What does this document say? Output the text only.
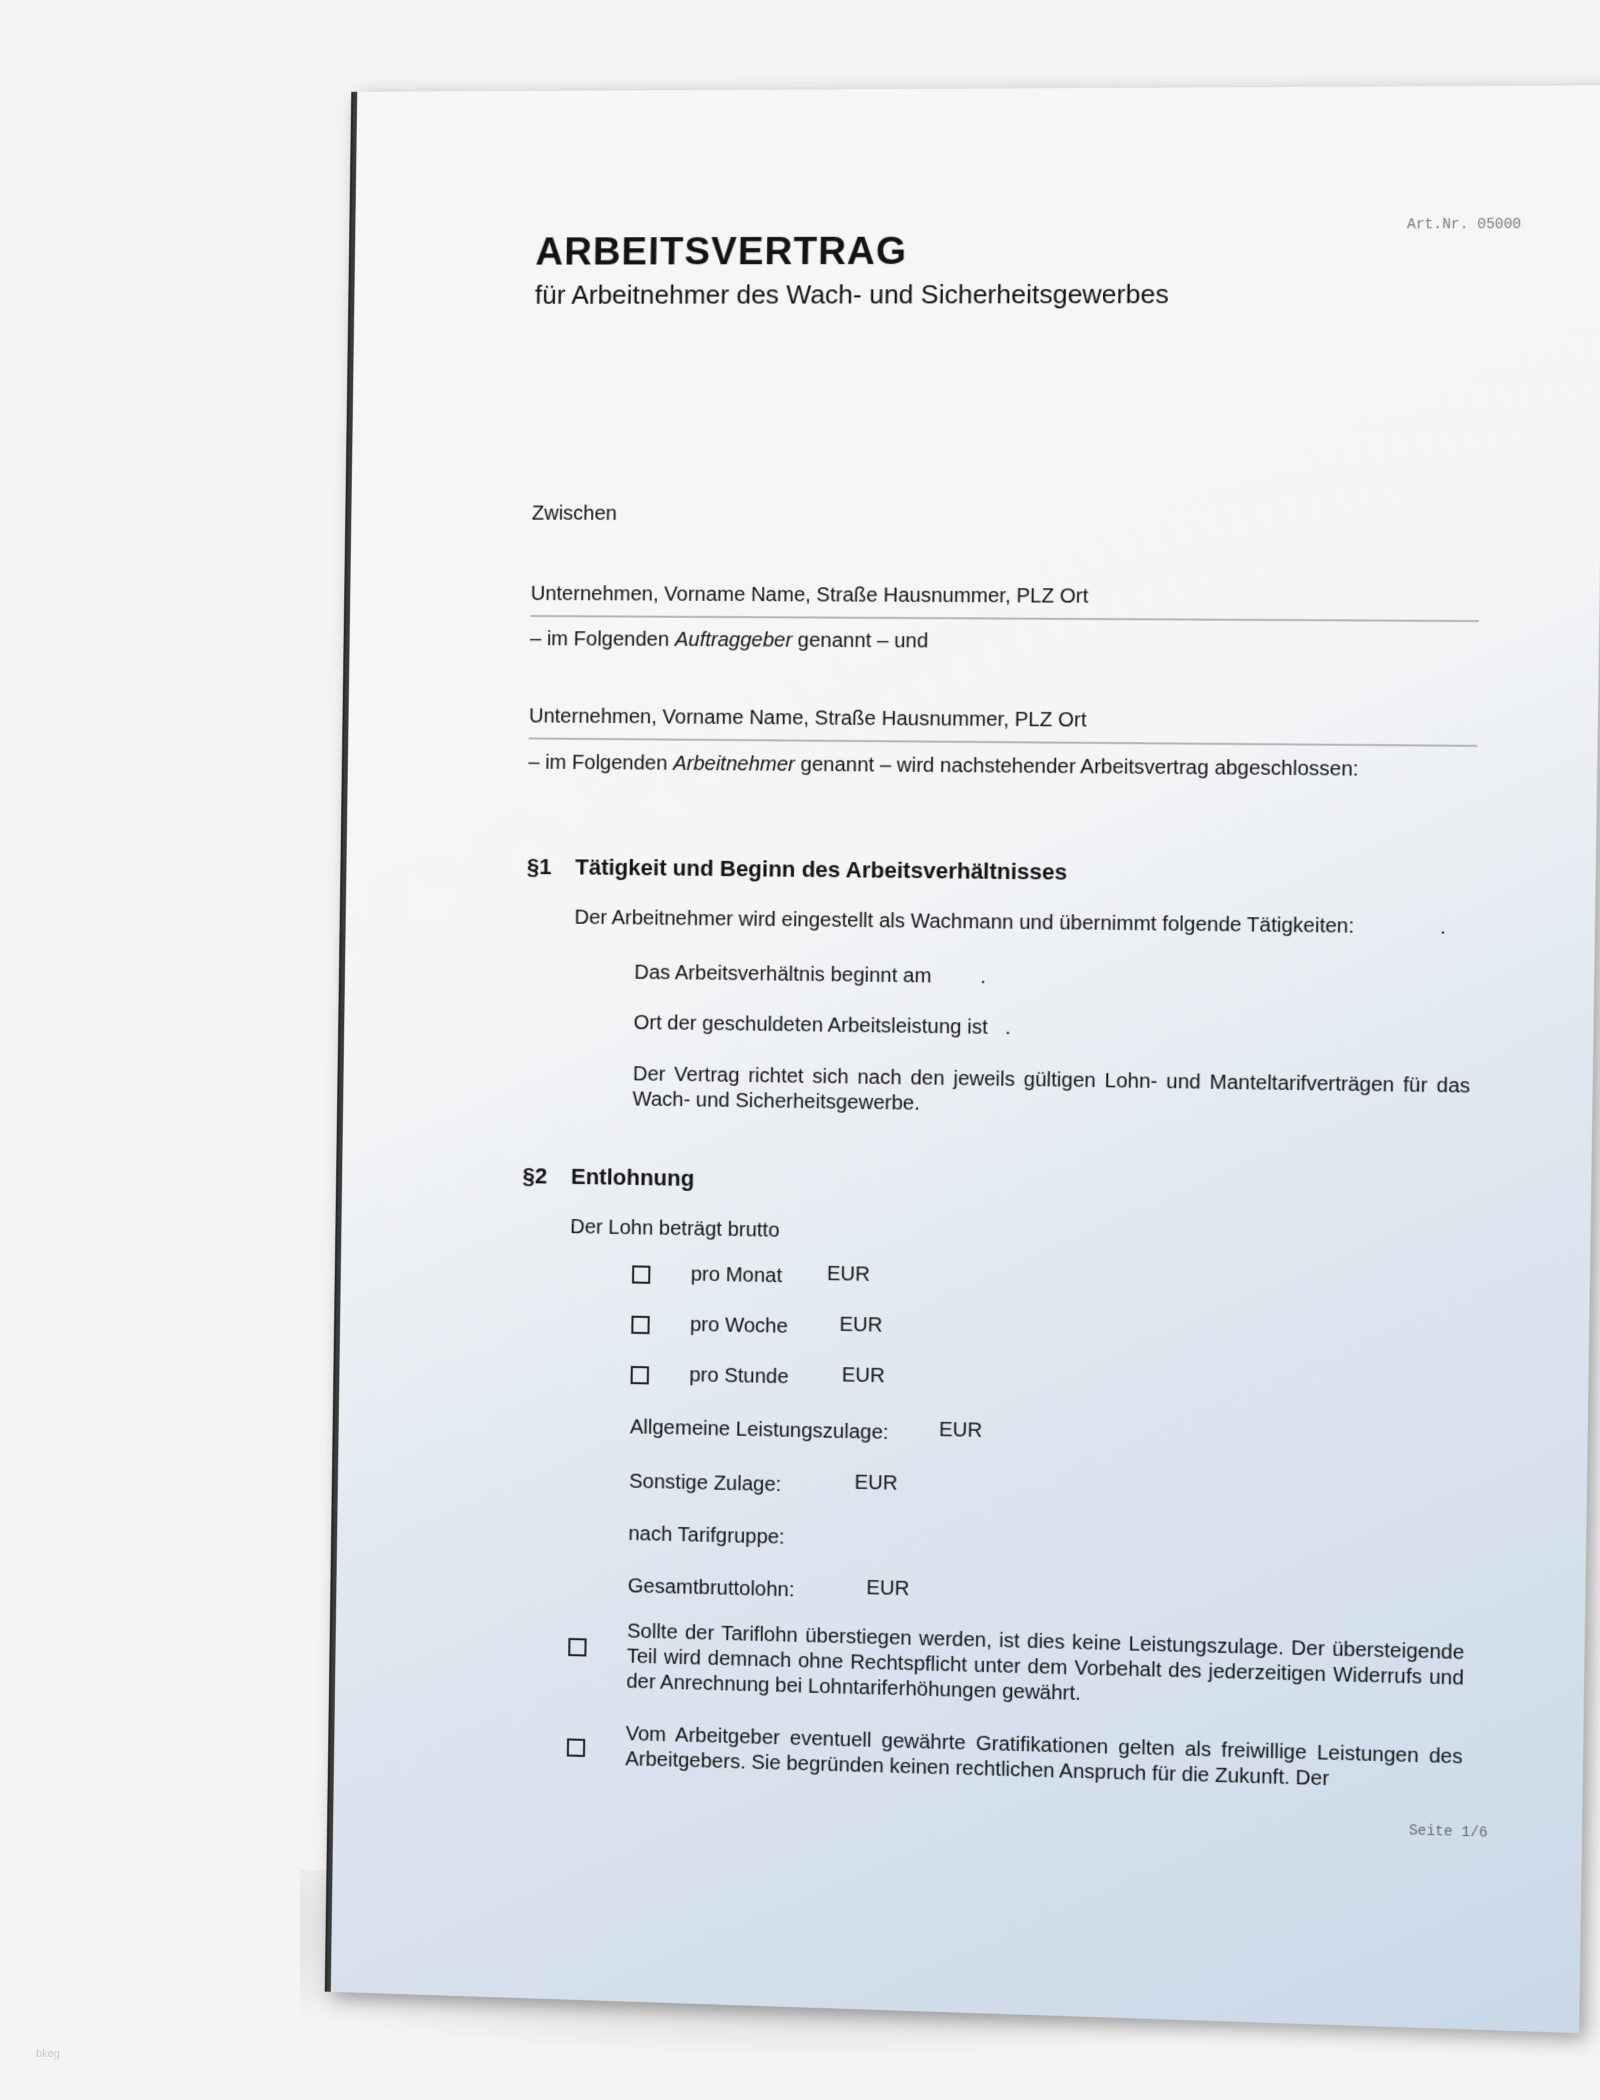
Art.Nr. 05000
ARBEITSVERTRAG
für Arbeitnehmer des Wach- und Sicherheitsgewerbes
Zwischen
Unternehmen, Vorname Name, Straße Hausnummer, PLZ Ort
– im Folgenden Auftraggeber genannt – und
Unternehmen, Vorname Name, Straße Hausnummer, PLZ Ort
– im Folgenden Arbeitnehmer genannt – wird nachstehender Arbeitsvertrag abgeschlossen:
§1 Tätigkeit und Beginn des Arbeitsverhältnisses
Der Arbeitnehmer wird eingestellt als Wachmann und übernimmt folgende Tätigkeiten:	.
Das Arbeitsverhältnis beginnt am .
Ort der geschuldeten Arbeitsleistung ist .
Der Vertrag richtet sich nach den jeweils gültigen Lohn- und Manteltarifverträgen für das Wach- und Sicherheitsgewerbe.
§2 Entlohnung
Der Lohn beträgt brutto
pro Monat EUR
pro Woche	EUR
pro Stunde	EUR
Allgemeine Leistungszulage:	EUR
Sonstige Zulage:	EUR
nach Tarifgruppe:
Gesamtbruttolohn:	EUR
Sollte der Tariflohn überstiegen werden, ist dies keine Leistungszulage. Der übersteigende Teil wird demnach ohne Rechtspflicht unter dem Vorbehalt des jederzeitigen Widerrufs und der Anrechnung bei Lohntariferhöhungen gewährt.
Vom Arbeitgeber eventuell gewährte Gratifikationen gelten als freiwillige Leistungen des Arbeitgebers. Sie begründen keinen rechtlichen Anspruch für die Zukunft. Der
Seite 1/6
bkeg
